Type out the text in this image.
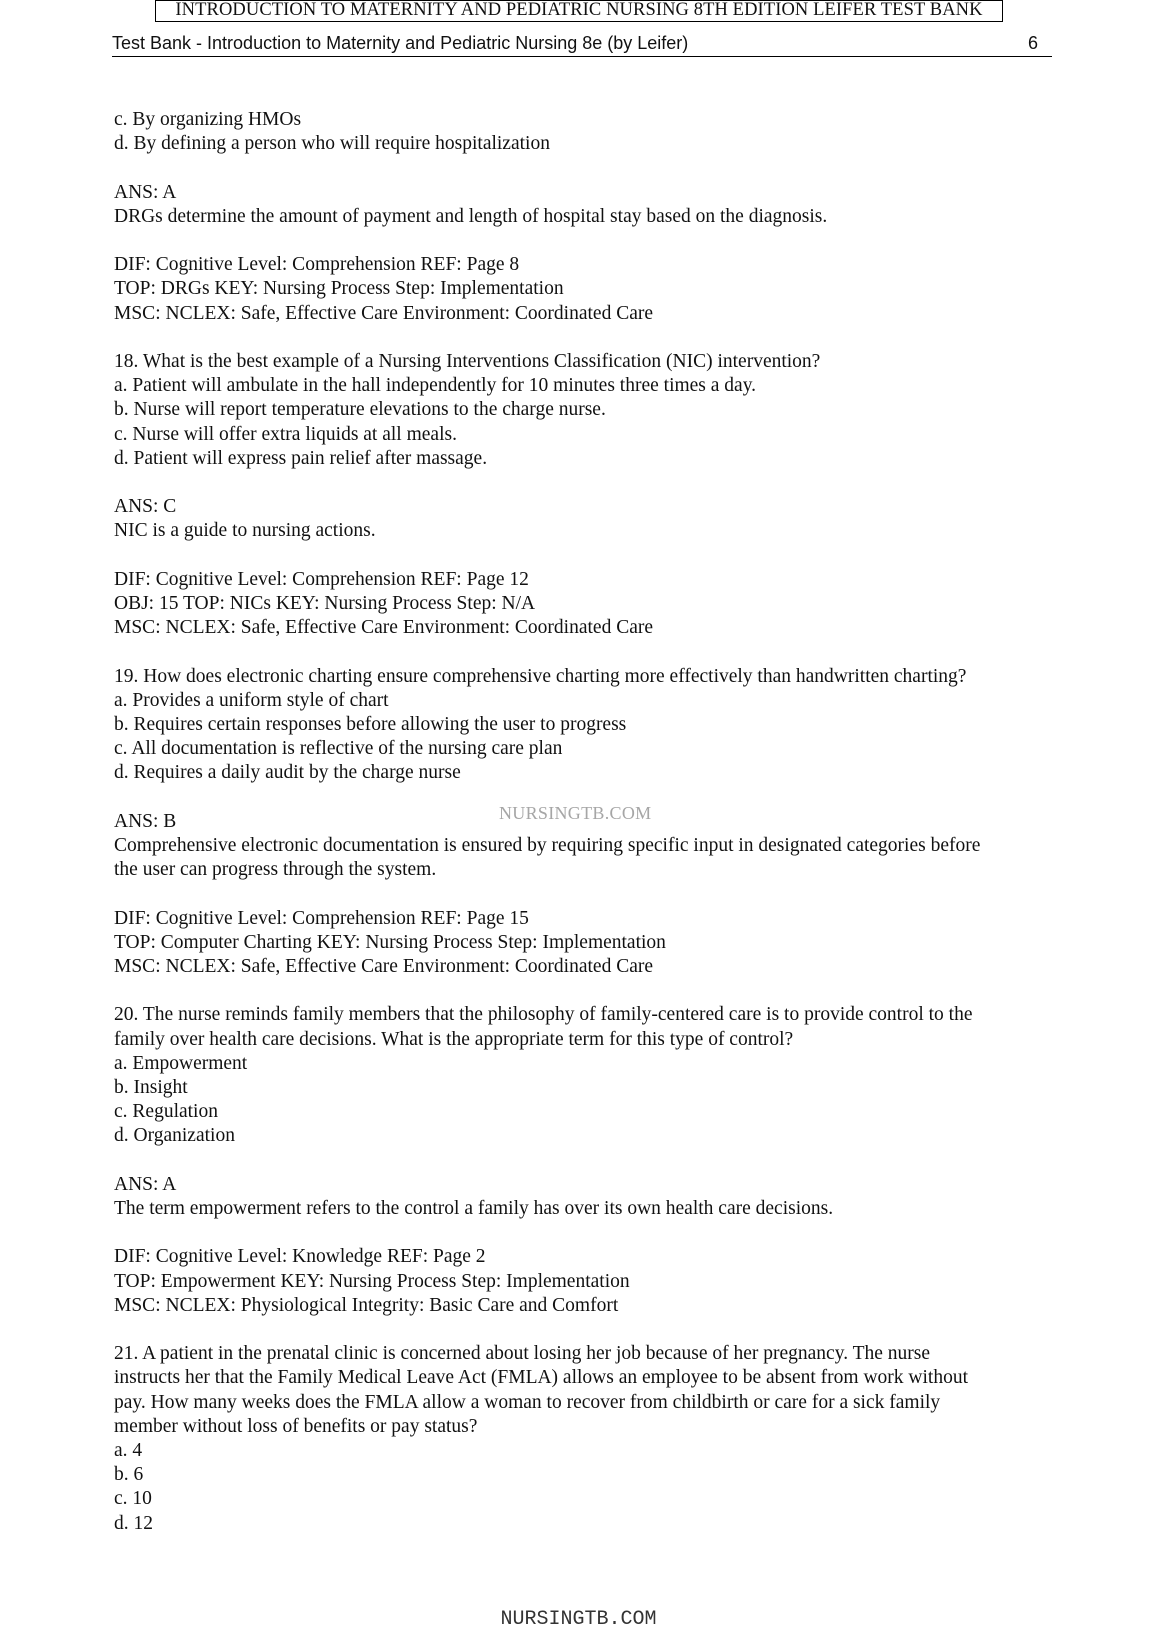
INTRODUCTION TO MATERNITY AND PEDIATRIC NURSING 8TH EDITION LEIFER TEST BANK
Test Bank - Introduction to Maternity and Pediatric Nursing 8e (by Leifer)	6
c. By organizing HMOs
d. By defining a person who will require hospitalization
ANS: A
DRGs determine the amount of payment and length of hospital stay based on the diagnosis.
DIF: Cognitive Level: Comprehension REF: Page 8
TOP: DRGs KEY: Nursing Process Step: Implementation
MSC: NCLEX: Safe, Effective Care Environment: Coordinated Care
18. What is the best example of a Nursing Interventions Classification (NIC) intervention?
a. Patient will ambulate in the hall independently for 10 minutes three times a day.
b. Nurse will report temperature elevations to the charge nurse.
c. Nurse will offer extra liquids at all meals.
d. Patient will express pain relief after massage.
ANS: C
NIC is a guide to nursing actions.
DIF: Cognitive Level: Comprehension REF: Page 12
OBJ: 15 TOP: NICs KEY: Nursing Process Step: N/A
MSC: NCLEX: Safe, Effective Care Environment: Coordinated Care
19. How does electronic charting ensure comprehensive charting more effectively than handwritten charting?
a. Provides a uniform style of chart
b. Requires certain responses before allowing the user to progress
c. All documentation is reflective of the nursing care plan
d. Requires a daily audit by the charge nurse
ANS: B
Comprehensive electronic documentation is ensured by requiring specific input in designated categories before
the user can progress through the system.
DIF: Cognitive Level: Comprehension REF: Page 15
TOP: Computer Charting KEY: Nursing Process Step: Implementation
MSC: NCLEX: Safe, Effective Care Environment: Coordinated Care
20. The nurse reminds family members that the philosophy of family-centered care is to provide control to the
family over health care decisions. What is the appropriate term for this type of control?
a. Empowerment
b. Insight
c. Regulation
d. Organization
ANS: A
The term empowerment refers to the control a family has over its own health care decisions.
DIF: Cognitive Level: Knowledge REF: Page 2
TOP: Empowerment KEY: Nursing Process Step: Implementation
MSC: NCLEX: Physiological Integrity: Basic Care and Comfort
21. A patient in the prenatal clinic is concerned about losing her job because of her pregnancy. The nurse
instructs her that the Family Medical Leave Act (FMLA) allows an employee to be absent from work without
pay. How many weeks does the FMLA allow a woman to recover from childbirth or care for a sick family
member without loss of benefits or pay status?
a. 4
b. 6
c. 10
d. 12
NURSINGTB.COM
NURSINGTB.COM
